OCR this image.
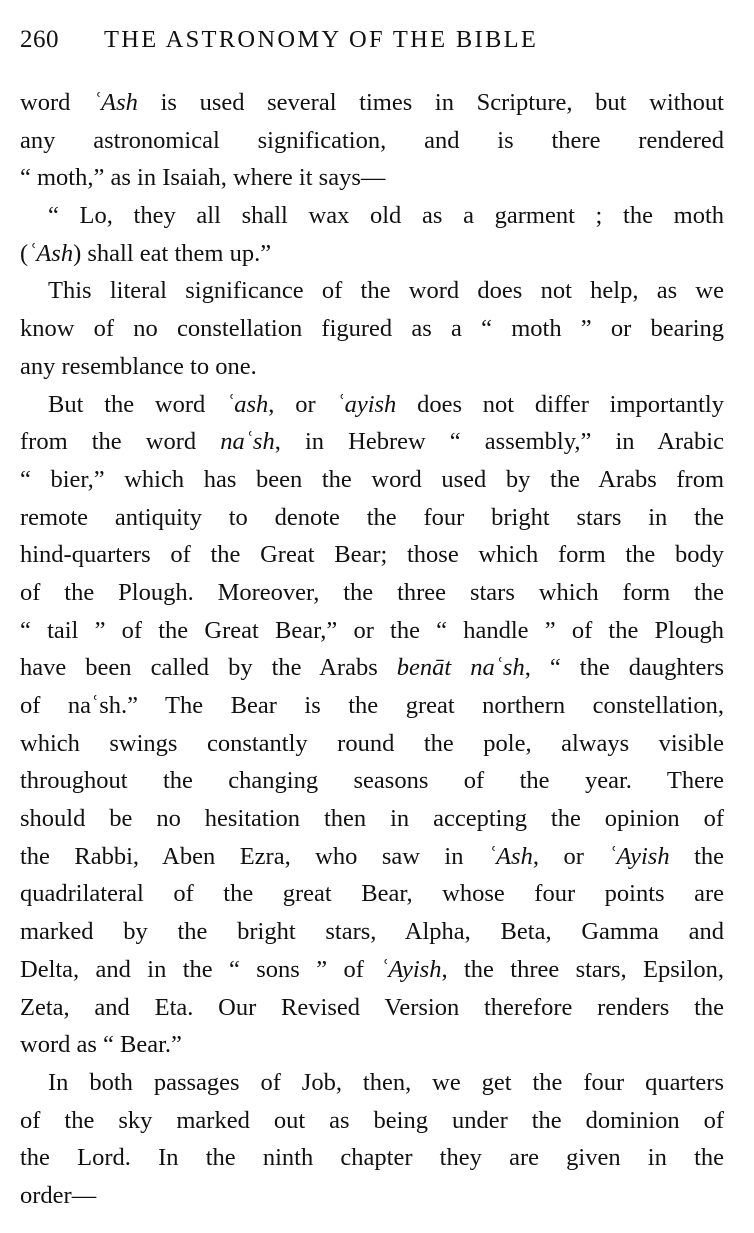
260 THE ASTRONOMY OF THE BIBLE
word ʿAsh is used several times in Scripture, but without
any astronomical signification, and is there rendered
“ moth,” as in Isaiah, where it says—
“ Lo, they all shall wax old as a garment ; the moth
(ʿAsh) shall eat them up.”
This literal significance of the word does not help, as we
know of no constellation figured as a “ moth ” or bearing
any resemblance to one.
But the word ʿash, or ʿayish does not differ importantly
from the word naʿsh, in Hebrew “ assembly,” in Arabic
“ bier,” which has been the word used by the Arabs from
remote antiquity to denote the four bright stars in the
hind-quarters of the Great Bear; those which form the body
of the Plough. Moreover, the three stars which form the
“ tail ” of the Great Bear,” or the “ handle ” of the Plough
have been called by the Arabs benāt naʿsh, “ the daughters
of naʿsh.” The Bear is the great northern constellation,
which swings constantly round the pole, always visible
throughout the changing seasons of the year. There
should be no hesitation then in accepting the opinion of
the Rabbi, Aben Ezra, who saw in ʿAsh, or ʿAyish the
quadrilateral of the great Bear, whose four points are
marked by the bright stars, Alpha, Beta, Gamma and
Delta, and in the “ sons ” of ʿAyish, the three stars, Epsilon,
Zeta, and Eta. Our Revised Version therefore renders the
word as “ Bear.”
In both passages of Job, then, we get the four quarters
of the sky marked out as being under the dominion of
the Lord. In the ninth chapter they are given in the
order—
